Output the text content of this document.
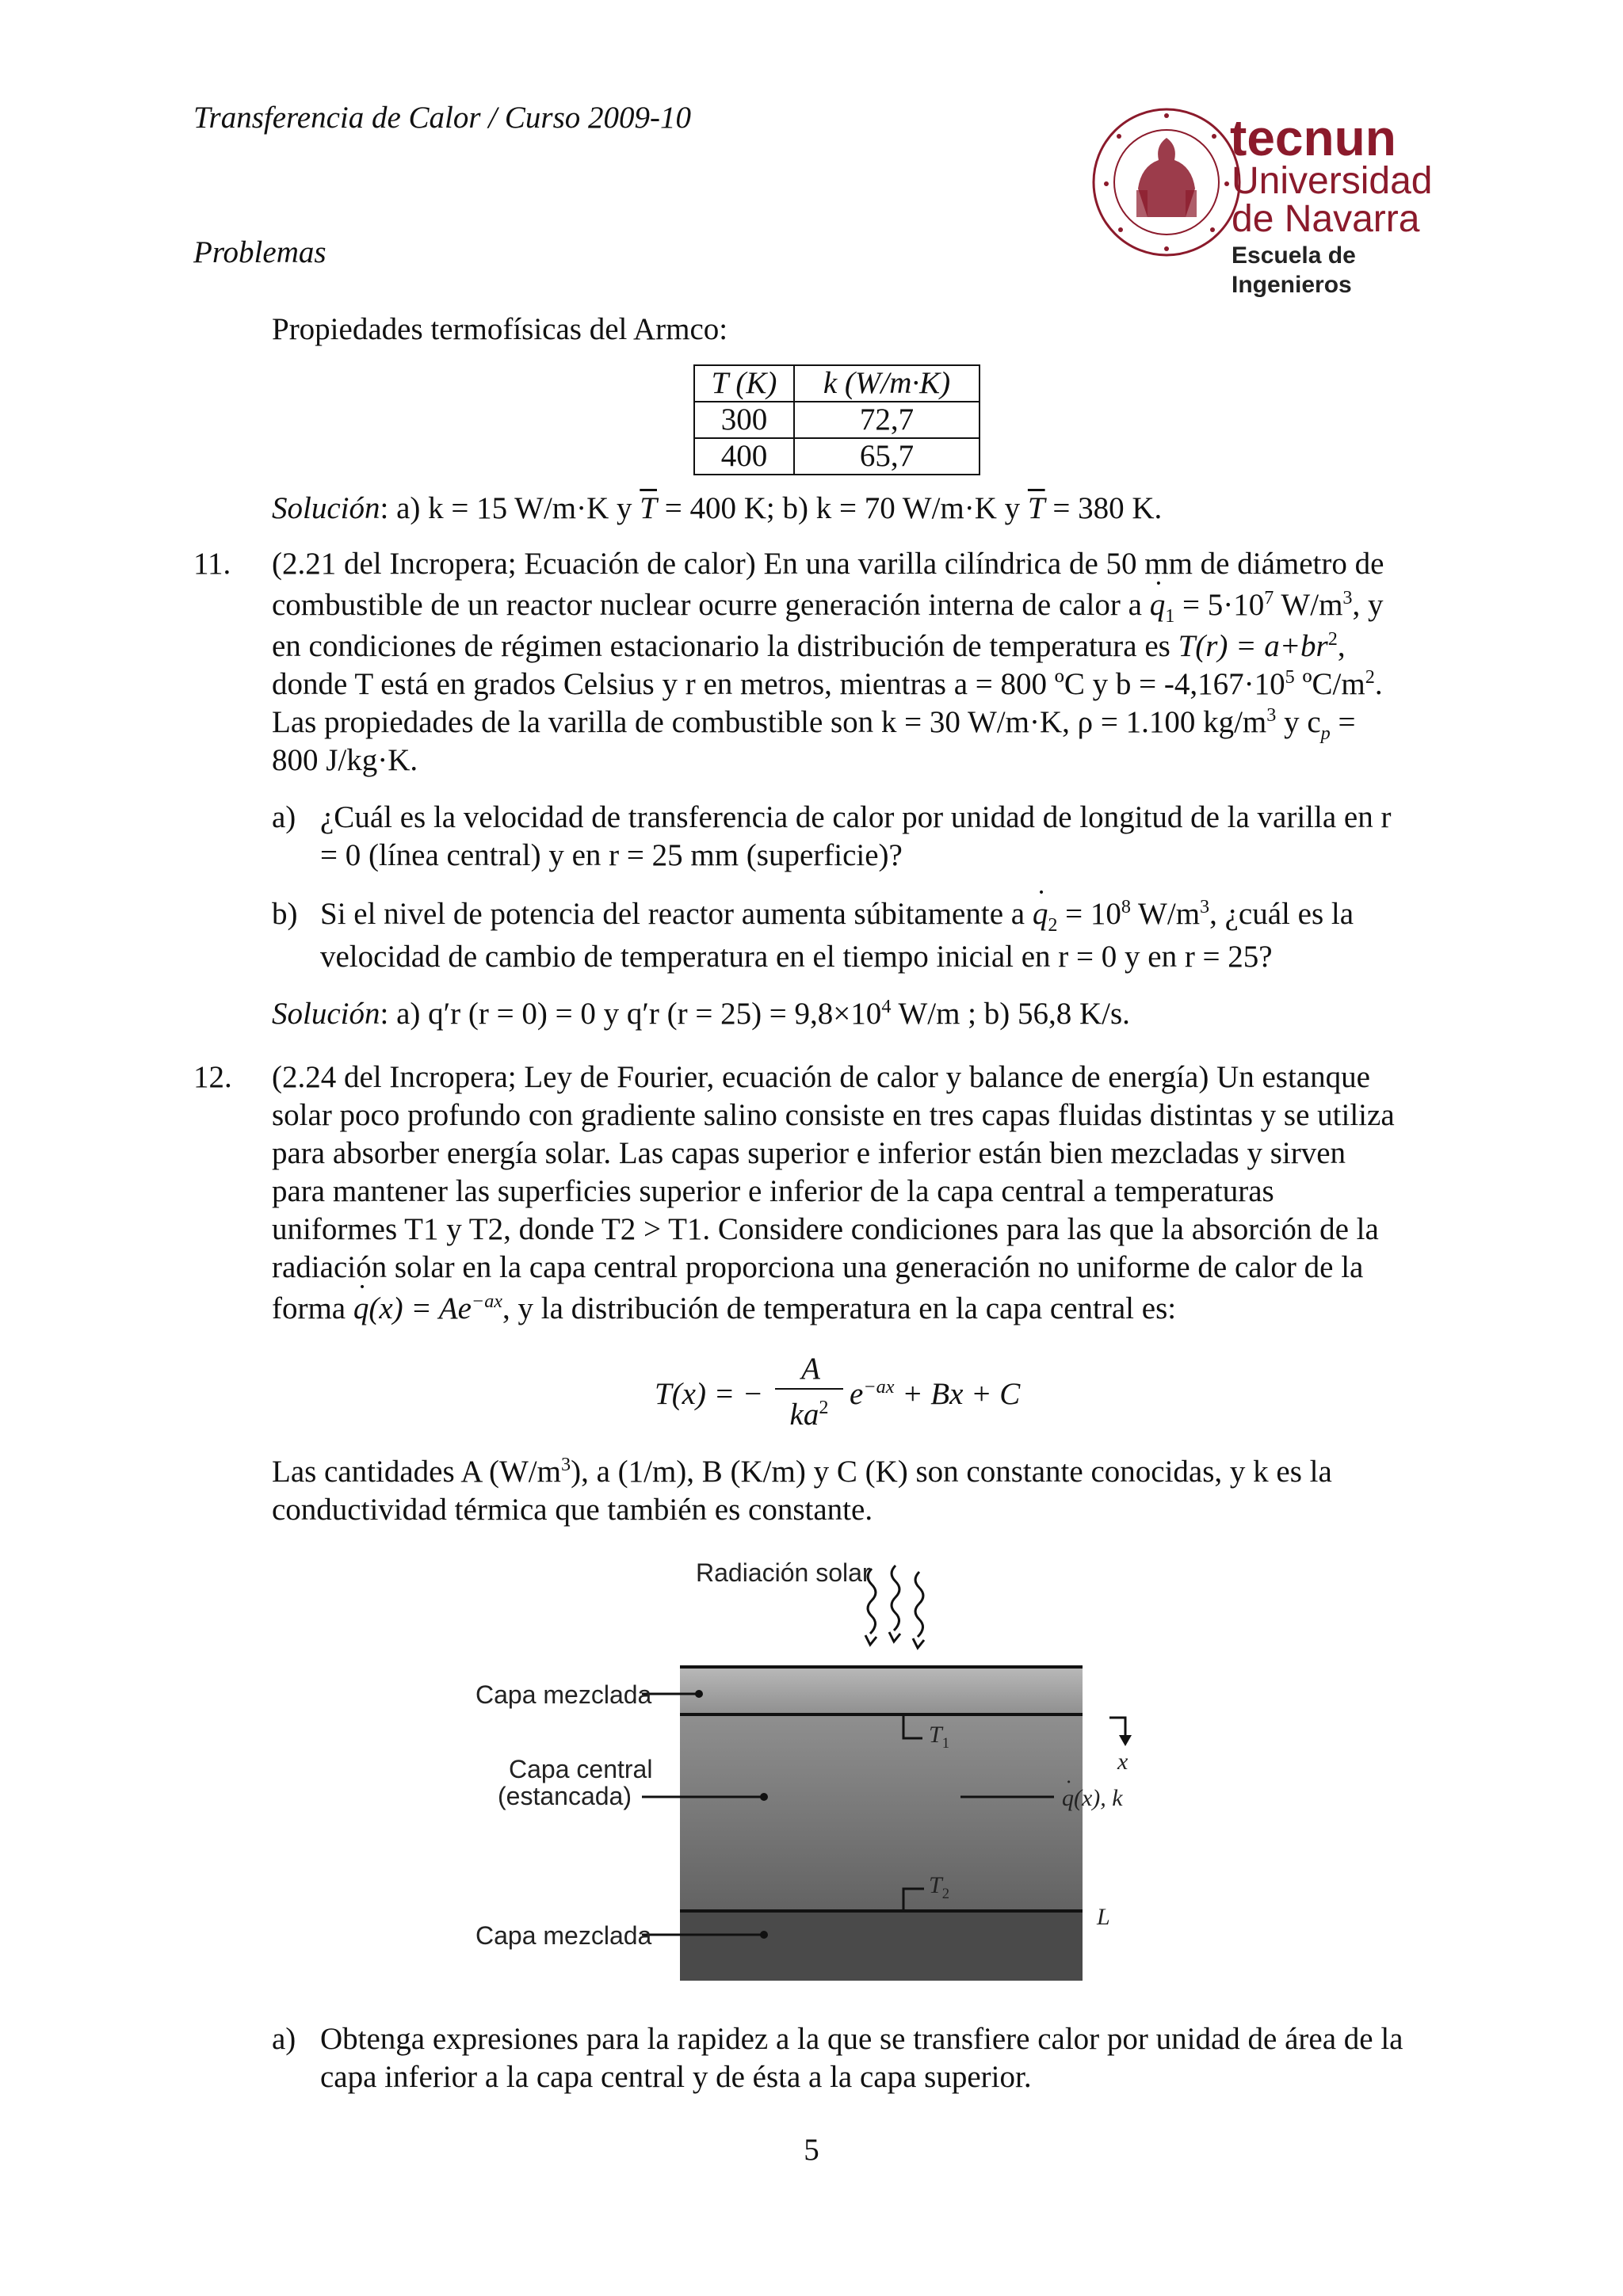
Transferencia de Calor / Curso 2009-10
Problemas
tecnun
Universidad
de Navarra
Escuela de Ingenieros
Propiedades termofísicas del Armco:
T (K)	k (W/m·K)
300	72,7
400	65,7
Solución: a) k = 15 W/m·K y $\overline{T} = 400$ K; b) k = 70 W/m·K y $\overline{T} = 380$ K.
11. (2.21 del Incropera; Ecuación de calor) En una varilla cilíndrica de 50 mm de diámetro de
combustible de un reactor nuclear ocurre generación interna de calor a ˙ $q_1 = 5\cdot 10^7$ $W/m^3$, y
en condiciones de régimen estacionario la distribución de temperatura es $T(r) = a+br^2$,
donde T está en grados Celsius y r en metros, mientras a = 800 ºC y $b = -4,167\cdot 10^5$ $ºC/m^2$.
Las propiedades de la varilla de combustible son k = 30 W/m·K, ρ = 1.100 $kg/m^3$ y $c_p$ =
800 J/kg·K.
a) ¿Cuál es la velocidad de transferencia de calor por unidad de longitud de la varilla en r
= 0 (línea central) y en r = 25 mm (superficie)?
b) Si el nivel de potencia del reactor aumenta súbitamente a ˙ $q_2 = 10^8$ $W/m^3$, ¿cuál es la
velocidad de cambio de temperatura en el tiempo inicial en r = 0 y en r = 25?
Solución: a) q′r (r = 0) = 0 y q′r $(r = 25) = 9,8\times 10^4$ W/m ; b) 56,8 K/s.
12. (2.24 del Incropera; Ley de Fourier, ecuación de calor y balance de energía) Un estanque
solar poco profundo con gradiente salino consiste en tres capas fluidas distintas y se utiliza
para absorber energía solar. Las capas superior e inferior están bien mezcladas y sirven
para mantener las superficies superior e inferior de la capa central a temperaturas
uniformes T1 y T2, donde T2 > T1. Considere condiciones para las que la absorción de la
radiación solar en la capa central proporciona una generación no uniforme de calor de la
forma ˙ $q(x) = Ae^{-ax}$, y la distribución de temperatura en la capa central es:
T(x) = −
A
$ka^2$ $e^{-ax} + Bx + C$
Las cantidades A $(W/m^3)$, a (1/m), B (K/m) y C (K) son constante conocidas, y k es la
conductividad térmica que también es constante.
Radiación solar
Capa mezclada
Capa central
(estancada)
Capa mezclada
$T_1$
$T_2$
x
˙ q(x), k
L
a) Obtenga expresiones para la rapidez a la que se transfiere calor por unidad de área de la
capa inferior a la capa central y de ésta a la capa superior.
5
